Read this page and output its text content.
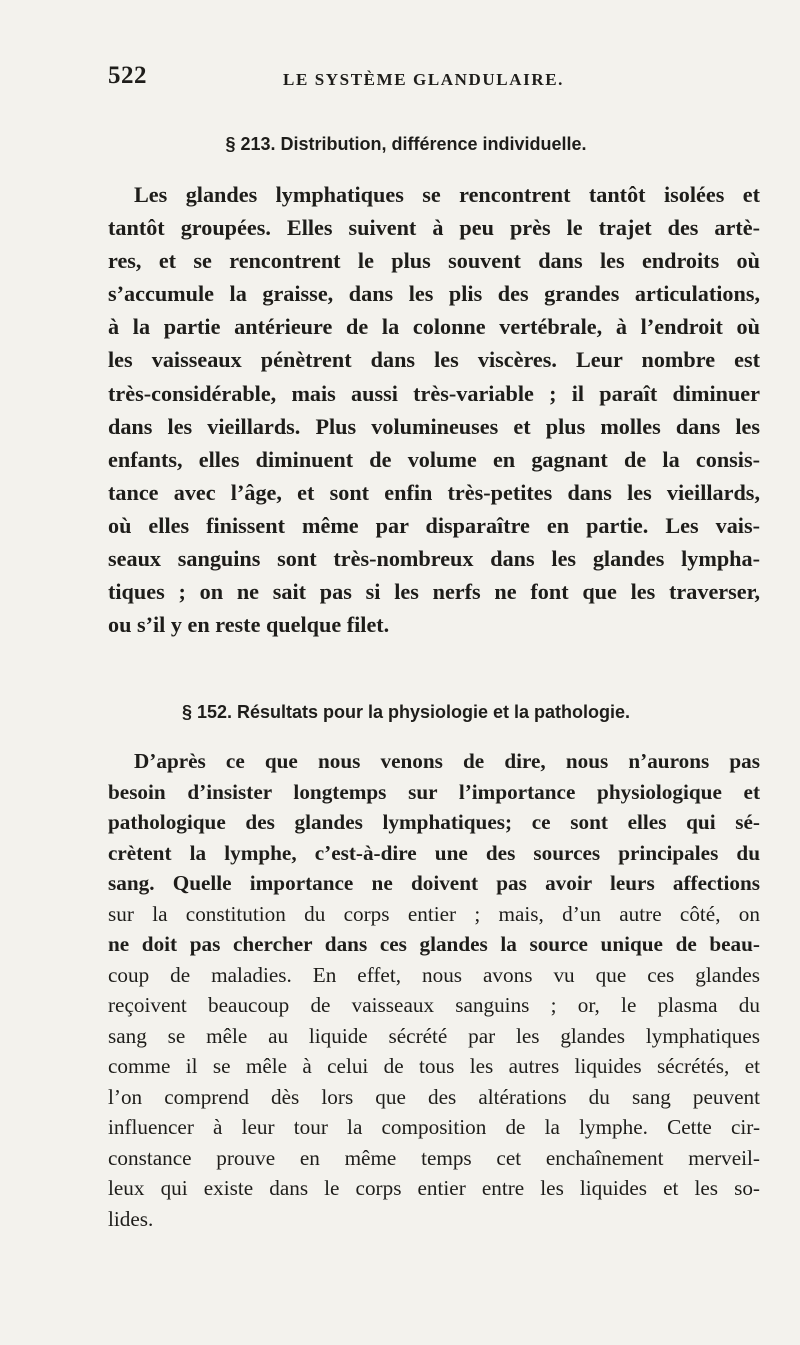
522	LE SYSTÈME GLANDULAIRE.
§ 213. Distribution, différence individuelle.
Les glandes lymphatiques se rencontrent tantôt isolées et
tantôt groupées. Elles suivent à peu près le trajet des artè-
res, et se rencontrent le plus souvent dans les endroits où
s’accumule la graisse, dans les plis des grandes articulations,
à la partie antérieure de la colonne vertébrale, à l’endroit où
les vaisseaux pénètrent dans les viscères. Leur nombre est
très-considérable, mais aussi très-variable ; il paraît diminuer
dans les vieillards. Plus volumineuses et plus molles dans les
enfants, elles diminuent de volume en gagnant de la consis-
tance avec l’âge, et sont enfin très-petites dans les vieillards,
où elles finissent même par disparaître en partie. Les vais-
seaux sanguins sont très-nombreux dans les glandes lympha-
tiques ; on ne sait pas si les nerfs ne font que les traverser,
ou s’il y en reste quelque filet.
§ 152. Résultats pour la physiologie et la pathologie.
D’après ce que nous venons de dire, nous n’aurons pas
besoin d’insister longtemps sur l’importance physiologique et
pathologique des glandes lymphatiques; ce sont elles qui sé-
crètent la lymphe, c’est-à-dire une des sources principales du
sang. Quelle importance ne doivent pas avoir leurs affections
sur la constitution du corps entier ; mais, d’un autre côté, on
ne doit pas chercher dans ces glandes la source unique de beau-
coup de maladies. En effet, nous avons vu que ces glandes
reçoivent beaucoup de vaisseaux sanguins ; or, le plasma du
sang se mêle au liquide sécrété par les glandes lymphatiques
comme il se mêle à celui de tous les autres liquides sécrétés, et
l’on comprend dès lors que des altérations du sang peuvent
influencer à leur tour la composition de la lymphe. Cette cir-
constance prouve en même temps cet enchaînement merveil-
leux qui existe dans le corps entier entre les liquides et les so-
lides.
